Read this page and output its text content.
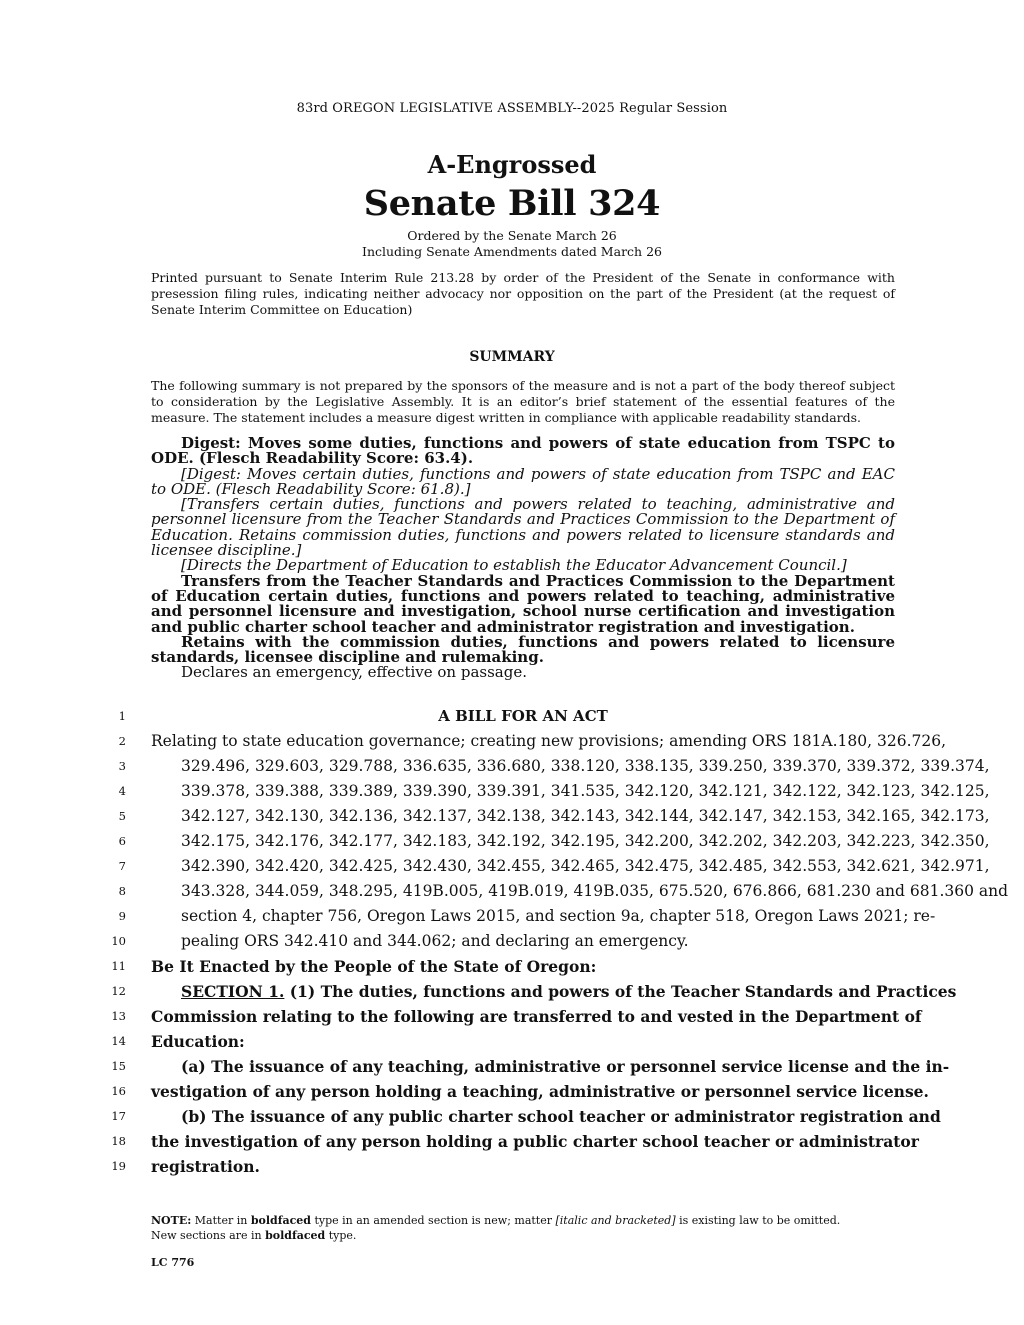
83rd OREGON LEGISLATIVE ASSEMBLY--2025 Regular Session
A-Engrossed
Senate Bill 324
Ordered by the Senate March 26
Including Senate Amendments dated March 26
Printed pursuant to Senate Interim Rule 213.28 by order of the President of the Senate in conformance with presession filing rules, indicating neither advocacy nor opposition on the part of the President (at the request of Senate Interim Committee on Education)
SUMMARY
The following summary is not prepared by the sponsors of the measure and is not a part of the body thereof subject to consideration by the Legislative Assembly. It is an editor’s brief statement of the essential features of the measure. The statement includes a measure digest written in compliance with applicable readability standards.

Digest: Moves some duties, functions and powers of state education from TSPC to ODE. (Flesch Readability Score: 63.4).

[Digest: Moves certain duties, functions and powers of state education from TSPC and EAC to ODE. (Flesch Readability Score: 61.8).]

[Transfers certain duties, functions and powers related to teaching, administrative and personnel licensure from the Teacher Standards and Practices Commission to the Department of Education. Retains commission duties, functions and powers related to licensure standards and licensee discipline.]

[Directs the Department of Education to establish the Educator Advancement Council.]

Transfers from the Teacher Standards and Practices Commission to the Department of Education certain duties, functions and powers related to teaching, administrative and personnel licensure and investigation, school nurse certification and investigation and public charter school teacher and administrator registration and investigation.

Retains with the commission duties, functions and powers related to licensure standards, licensee discipline and rulemaking.

Declares an emergency, effective on passage.

1	A BILL FOR AN ACT
2 Relating to state education governance; creating new provisions; amending ORS 181A.180, 326.726,
3	329.496, 329.603, 329.788, 336.635, 336.680, 338.120, 338.135, 339.250, 339.370, 339.372, 339.374,
4	339.378, 339.388, 339.389, 339.390, 339.391, 341.535, 342.120, 342.121, 342.122, 342.123, 342.125,
5	342.127, 342.130, 342.136, 342.137, 342.138, 342.143, 342.144, 342.147, 342.153, 342.165, 342.173,
6	342.175, 342.176, 342.177, 342.183, 342.192, 342.195, 342.200, 342.202, 342.203, 342.223, 342.350,
7	342.390, 342.420, 342.425, 342.430, 342.455, 342.465, 342.475, 342.485, 342.553, 342.621, 342.971,
8	343.328, 344.059, 348.295, 419B.005, 419B.019, 419B.035, 675.520, 676.866, 681.230 and 681.360 and
9	section 4, chapter 756, Oregon Laws 2015, and section 9a, chapter 518, Oregon Laws 2021; re-
10	pealing ORS 342.410 and 344.062; and declaring an emergency.
11 Be It Enacted by the People of the State of Oregon:
12	SECTION 1. (1) The duties, functions and powers of the Teacher Standards and Practices
13 Commission relating to the following are transferred to and vested in the Department of
14 Education:
15	(a) The issuance of any teaching, administrative or personnel service license and the in-
16 vestigation of any person holding a teaching, administrative or personnel service license.
17	(b) The issuance of any public charter school teacher or administrator registration and
18 the investigation of any person holding a public charter school teacher or administrator
19 registration.
NOTE: Matter in boldfaced type in an amended section is new; matter [italic and bracketed] is existing law to be omitted.
New sections are in boldfaced type.
LC 776
